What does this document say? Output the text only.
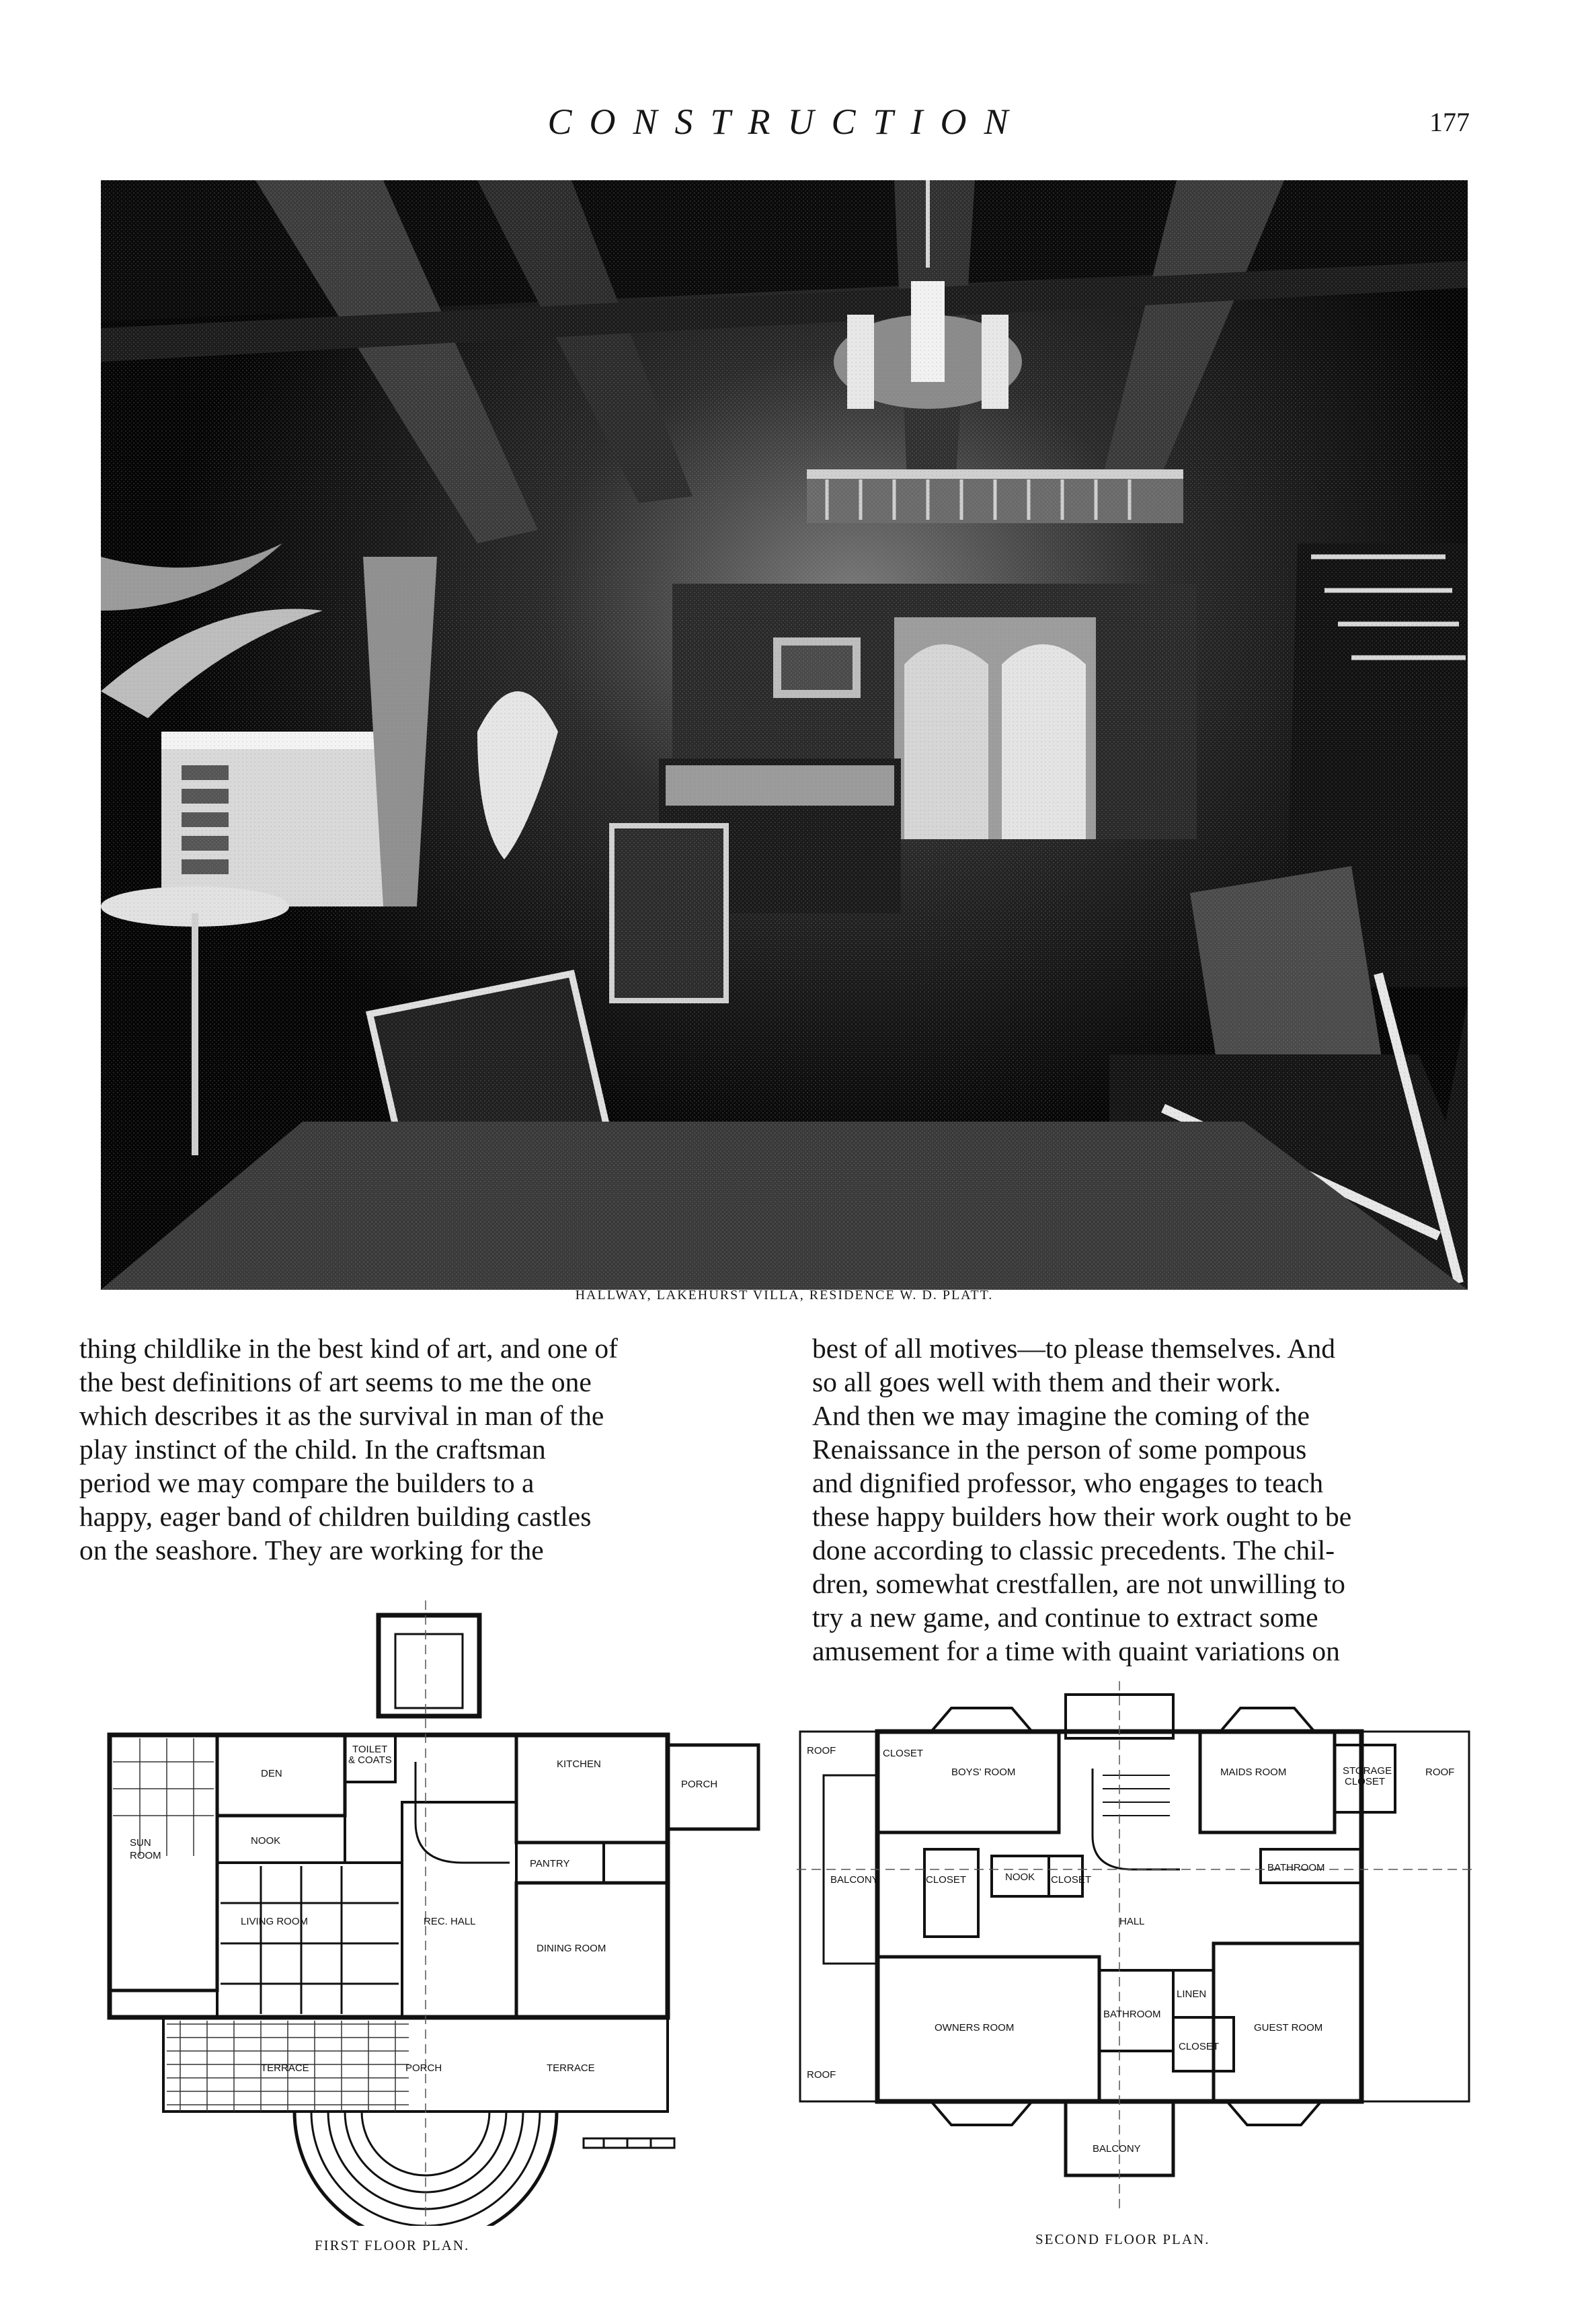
CONSTRUCTION	177
HALLWAY, LAKEHURST VILLA, RESIDENCE W. D. PLATT.
thing childlike in the best kind of art, and one of
the best definitions of art seems to me the one
which describes it as the survival in man of the
play instinct of the child. In the craftsman
period we may compare the builders to a
happy, eager band of children building castles
on the seashore. They are working for the
best of all motives—to please themselves. And
so all goes well with them and their work.
And then we may imagine the coming of the
Renaissance in the person of some pompous
and dignified professor, who engages to teach
these happy builders how their work ought to be
done according to classic precedents. The chil-
dren, somewhat crestfallen, are not unwilling to
try a new game, and continue to extract some
amusement for a time with quaint variations on
DEN
TOILET
& COATS	KITCHEN
PORCH
NOOK
SUN
ROOM
PANTRY
LIVING ROOM	REC. HALL
DINING ROOM
TERRACE	PORCH	TERRACE
FIRST FLOOR PLAN.
ROOF	CLOSET
BOYS' ROOM	MAIDS ROOM	STORAGE
CLOSET
ROOF
BALCONY	CLOSET	NOOK CLOSET
BATHROOM
HALL
OWNERS ROOM
LINEN
GUEST ROOM
BATHROOM
CLOSET
ROOF
BALCONY
SECOND FLOOR PLAN.
